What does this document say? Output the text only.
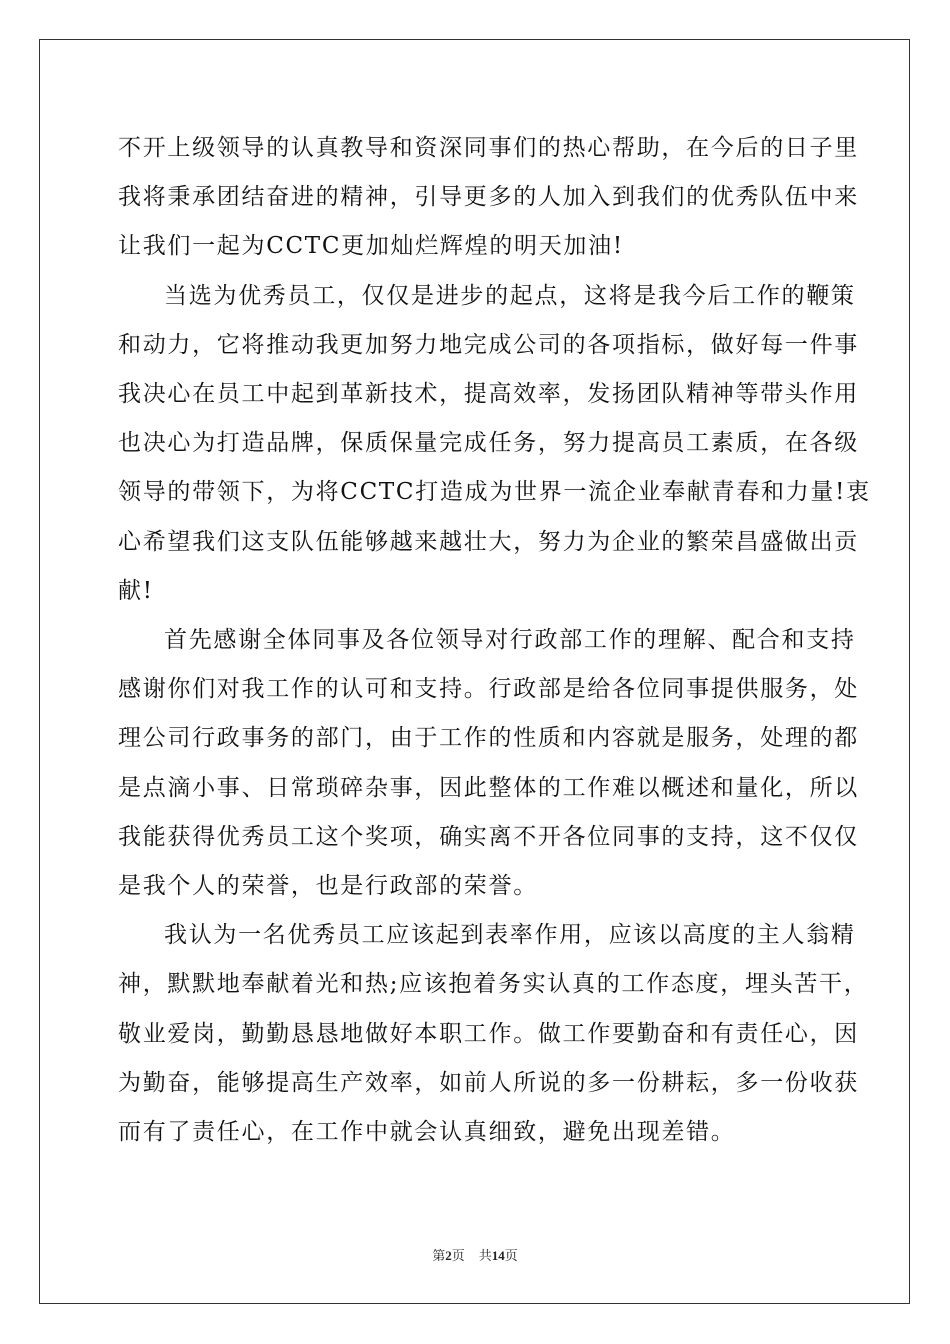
不开上级领导的认真教导和资深同事们的热心帮助，在今后的日子里
我将秉承团结奋进的精神，引导更多的人加入到我们的优秀队伍中来
让我们一起为CCTC更加灿烂辉煌的明天加油!
当选为优秀员工，仅仅是进步的起点，这将是我今后工作的鞭策
和动力，它将推动我更加努力地完成公司的各项指标，做好每一件事
我决心在员工中起到革新技术，提高效率，发扬团队精神等带头作用
也决心为打造品牌，保质保量完成任务，努力提高员工素质，在各级
领导的带领下，为将CCTC打造成为世界一流企业奉献青春和力量!衷
心希望我们这支队伍能够越来越壮大，努力为企业的繁荣昌盛做出贡
献!
首先感谢全体同事及各位领导对行政部工作的理解、配合和支持
感谢你们对我工作的认可和支持。行政部是给各位同事提供服务，处
理公司行政事务的部门，由于工作的性质和内容就是服务，处理的都
是点滴小事、日常琐碎杂事，因此整体的工作难以概述和量化，所以
我能获得优秀员工这个奖项，确实离不开各位同事的支持，这不仅仅
是我个人的荣誉，也是行政部的荣誉。
我认为一名优秀员工应该起到表率作用，应该以高度的主人翁精
神，默默地奉献着光和热;应该抱着务实认真的工作态度，埋头苦干，
敬业爱岗，勤勤恳恳地做好本职工作。做工作要勤奋和有责任心，因
为勤奋，能够提高生产效率，如前人所说的多一份耕耘，多一份收获
而有了责任心，在工作中就会认真细致，避免出现差错。
第2页 共14页
